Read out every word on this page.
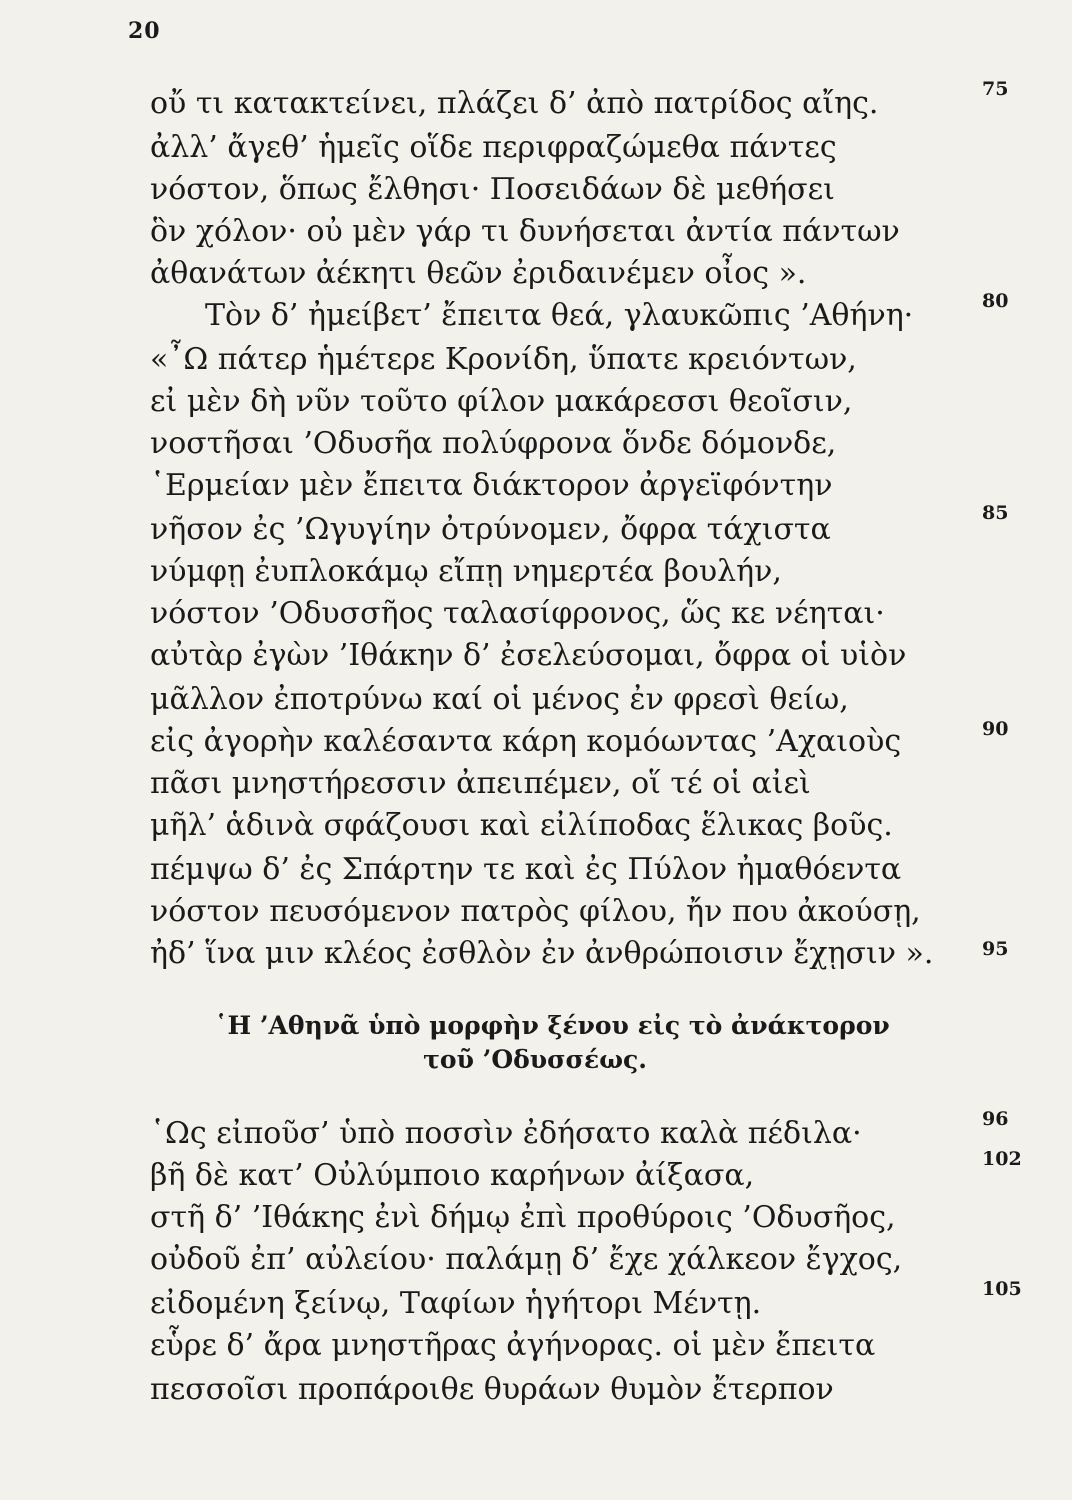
20
οὔ τι κατακτείνει, πλάζει δ’ ἀπὸ πατρίδος αἴης.
ἀλλ’ ἄγεθ’ ἡμεῖς οἵδε περιφραζώμεθα πάντες
νόστον, ὅπως ἔλθησι· Ποσειδάων δὲ μεθήσει
ὃν χόλον· οὐ μὲν γάρ τι δυνήσεται ἀντία πάντων
ἀθανάτων ἀέκητι θεῶν ἐριδαινέμεν οἶος ».
Τὸν δ’ ἠμείβετ’ ἔπειτα θεά, γλαυκῶπις ’Αθήνη·
«῏Ω πάτερ ἡμέτερε Κρονίδη, ὕπατε κρειόντων,
εἰ μὲν δὴ νῦν τοῦτο φίλον μακάρεσσι θεοῖσιν,
νοστῆσαι ’Οδυσῆα πολύφρονα ὅνδε δόμονδε,
῾Ερμείαν μὲν ἔπειτα διάκτορον ἀργεϊφόντην
νῆσον ἐς ’Ωγυγίην ὀτρύνομεν, ὄφρα τάχιστα
νύμφῃ ἐυπλοκάμῳ εἴπῃ νημερτέα βουλήν,
νόστον ’Οδυσσῆος ταλασίφρονος, ὥς κε νέηται·
αὐτὰρ ἐγὼν ’Ιθάκην δ’ ἐσελεύσομαι, ὄφρα οἱ υἱὸν
μᾶλλον ἐποτρύνω καί οἱ μένος ἐν φρεσὶ θείω,
εἰς ἀγορὴν καλέσαντα κάρη κομόωντας ’Αχαιοὺς
πᾶσι μνηστήρεσσιν ἀπειπέμεν, οἵ τέ οἱ αἰεὶ
μῆλ’ ἁδινὰ σφάζουσι καὶ εἰλίποδας ἕλικας βοῦς.
πέμψω δ’ ἐς Σπάρτην τε καὶ ἐς Πύλον ἠμαθόεντα
νόστον πευσόμενον πατρὸς φίλου, ἤν που ἀκούσῃ,
ἠδ’ ἵνα μιν κλέος ἐσθλὸν ἐν ἀνθρώποισιν ἔχῃσιν ».
75
80
85
90
95
῾Η ’Αθηνᾶ ὑπὸ μορφὴν ξένου εἰς τὸ ἀνάκτορον
τοῦ ’Οδυσσέως.
῾Ως εἰποῦσ’ ὑπὸ ποσσὶν ἐδήσατο καλὰ πέδιλα·
βῆ δὲ κατ’ Οὐλύμποιο καρήνων ἀίξασα,
στῆ δ’ ’Ιθάκης ἐνὶ δήμῳ ἐπὶ προθύροις ’Οδυσῆος,
οὐδοῦ ἐπ’ αὐλείου· παλάμῃ δ’ ἔχε χάλκεον ἔγχος,
εἰδομένη ξείνῳ, Ταφίων ἡγήτορι Μέντῃ.
εὗρε δ’ ἄρα μνηστῆρας ἀγήνορας. οἱ μὲν ἔπειτα
πεσσοῖσι προπάροιθε θυράων θυμὸν ἔτερπον
96
102
105
